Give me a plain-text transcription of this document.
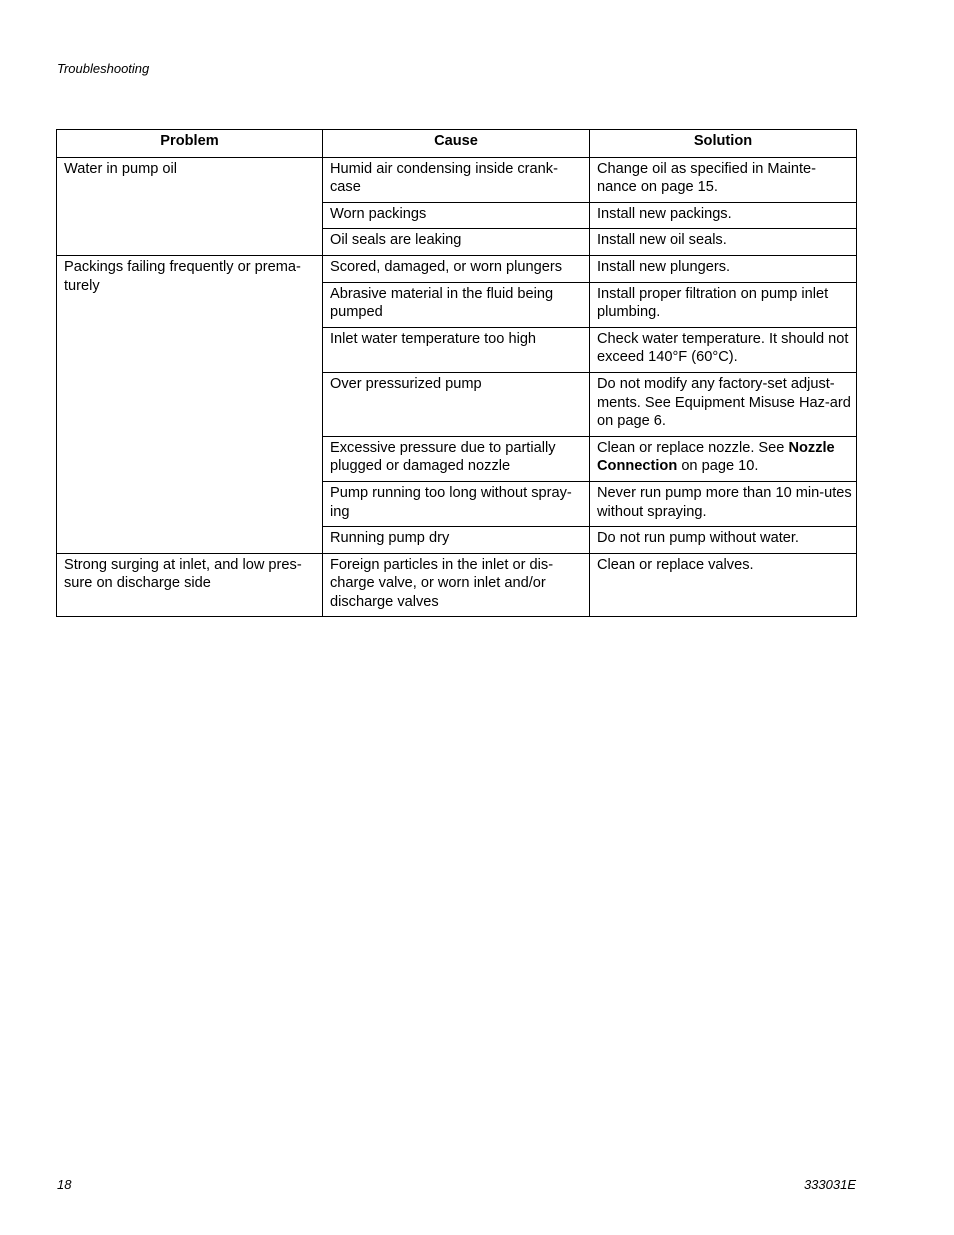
Troubleshooting
Problem	Cause	Solution
Water in pump oil	Humid air condensing inside crank-case	Change oil as specified in Mainte-nance on page 15.
	Worn packings	Install new packings.
	Oil seals are leaking	Install new oil seals.
Packings failing frequently or prema-turely	Scored, damaged, or worn plungers	Install new plungers.
	Abrasive material in the fluid being pumped	Install proper filtration on pump inlet plumbing.
	Inlet water temperature too high	Check water temperature. It should not exceed 140°F (60°C).
	Over pressurized pump	Do not modify any factory-set adjust-ments. See Equipment Misuse Haz-ard on page 6.
	Excessive pressure due to partially plugged or damaged nozzle	Clean or replace nozzle. See Nozzle Connection on page 10.
	Pump running too long without spray-ing	Never run pump more than 10 min-utes without spraying.
	Running pump dry	Do not run pump without water.
Strong surging at inlet, and low pres-sure on discharge side	Foreign particles in the inlet or dis-charge valve, or worn inlet and/or discharge valves	Clean or replace valves.
18	333031E
